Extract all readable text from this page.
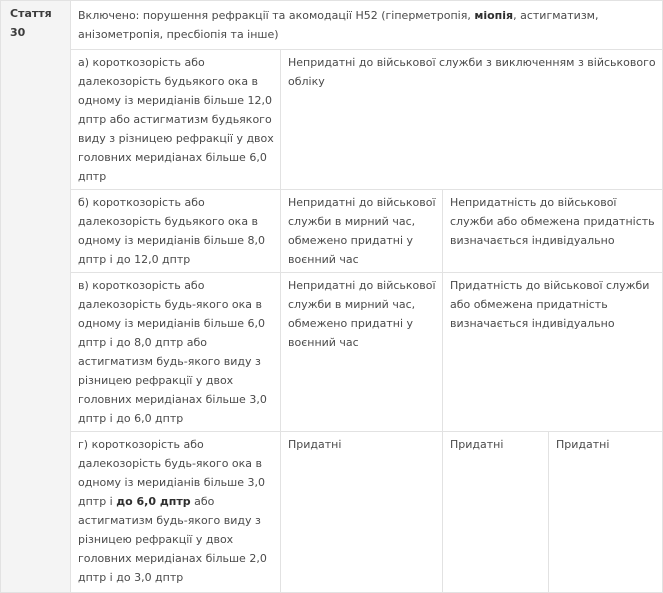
Стаття 30	Включено: порушення рефракції та акомодації H52 (гіперметропія, міопія, астигматизм, анізометропія, пресбіопія та інше)			
	а) короткозорість або далекозорість будьякого ока в одному із меридіанів більше 12,0 дптр або астигматизм будьякого виду з різницею рефракції у двох головних меридіанах більше 6,0 дптр	Непридатні до військової служби з виключенням з військового обліку		
	б) короткозорість або далекозорість будьякого ока в одному із меридіанів більше 8,0 дптр і до 12,0 дптр	Непридатні до військової служби в мирний час, обмежено придатні у воєнний час	Непридатність до військової служби або обмежена придатність визначається індивідуально	
	в) короткозорість або далекозорість будь-якого ока в одному із меридіанів більше 6,0 дптр і до 8,0 дптр або астигматизм будь-якого виду з різницею рефракції у двох головних меридіанах більше 3,0 дптр і до 6,0 дптр	Непридатні до військової служби в мирний час, обмежено придатні у воєнний час	Придатність до військової служби або обмежена придатність визначається індивідуально	
	г) короткозорість або далекозорість будь-якого ока в одному із меридіанів більше 3,0 дптр і до 6,0 дптр або астигматизм будь-якого виду з різницею рефракції у двох головних меридіанах більше 2,0 дптр і до 3,0 дптр	Придатні	Придатні	Придатні
